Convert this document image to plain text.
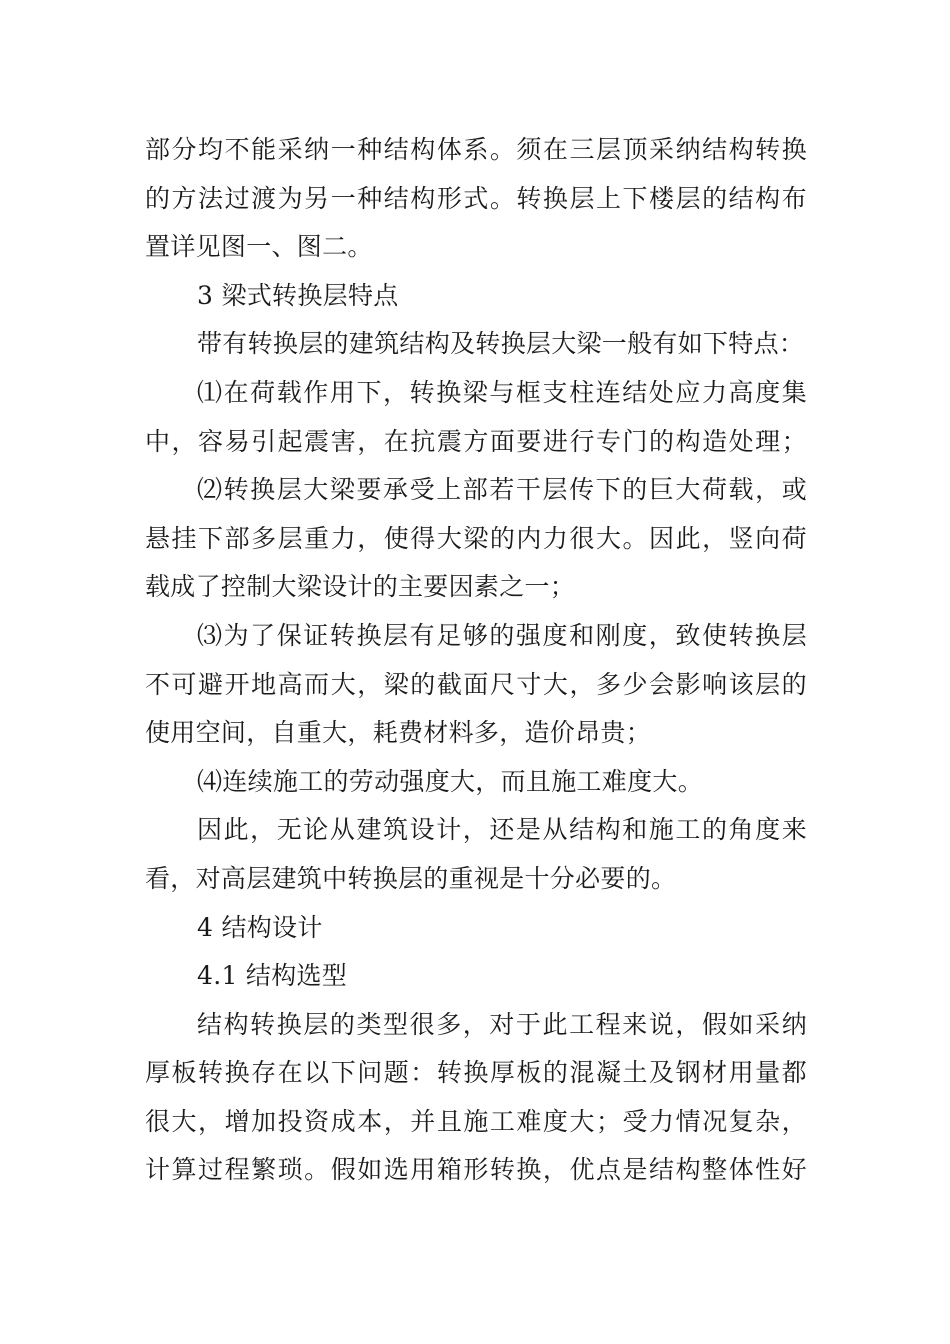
部分均不能采纳一种结构体系。须在三层顶采纳结构转换
的方法过渡为另一种结构形式。转换层上下楼层的结构布
置详见图一、图二。
3 梁式转换层特点
带有转换层的建筑结构及转换层大梁一般有如下特点：
⑴在荷载作用下，转换梁与框支柱连结处应力高度集
中，容易引起震害，在抗震方面要进行专门的构造处理；
⑵转换层大梁要承受上部若干层传下的巨大荷载，或
悬挂下部多层重力，使得大梁的内力很大。因此，竖向荷
载成了控制大梁设计的主要因素之一；
⑶为了保证转换层有足够的强度和刚度，致使转换层
不可避开地高而大，梁的截面尺寸大，多少会影响该层的
使用空间，自重大，耗费材料多，造价昂贵；
⑷连续施工的劳动强度大，而且施工难度大。
因此，无论从建筑设计，还是从结构和施工的角度来
看，对高层建筑中转换层的重视是十分必要的。
4 结构设计
4.1 结构选型
结构转换层的类型很多，对于此工程来说，假如采纳
厚板转换存在以下问题：转换厚板的混凝土及钢材用量都
很大，增加投资成本，并且施工难度大；受力情况复杂，
计算过程繁琐。假如选用箱形转换，优点是结构整体性好
